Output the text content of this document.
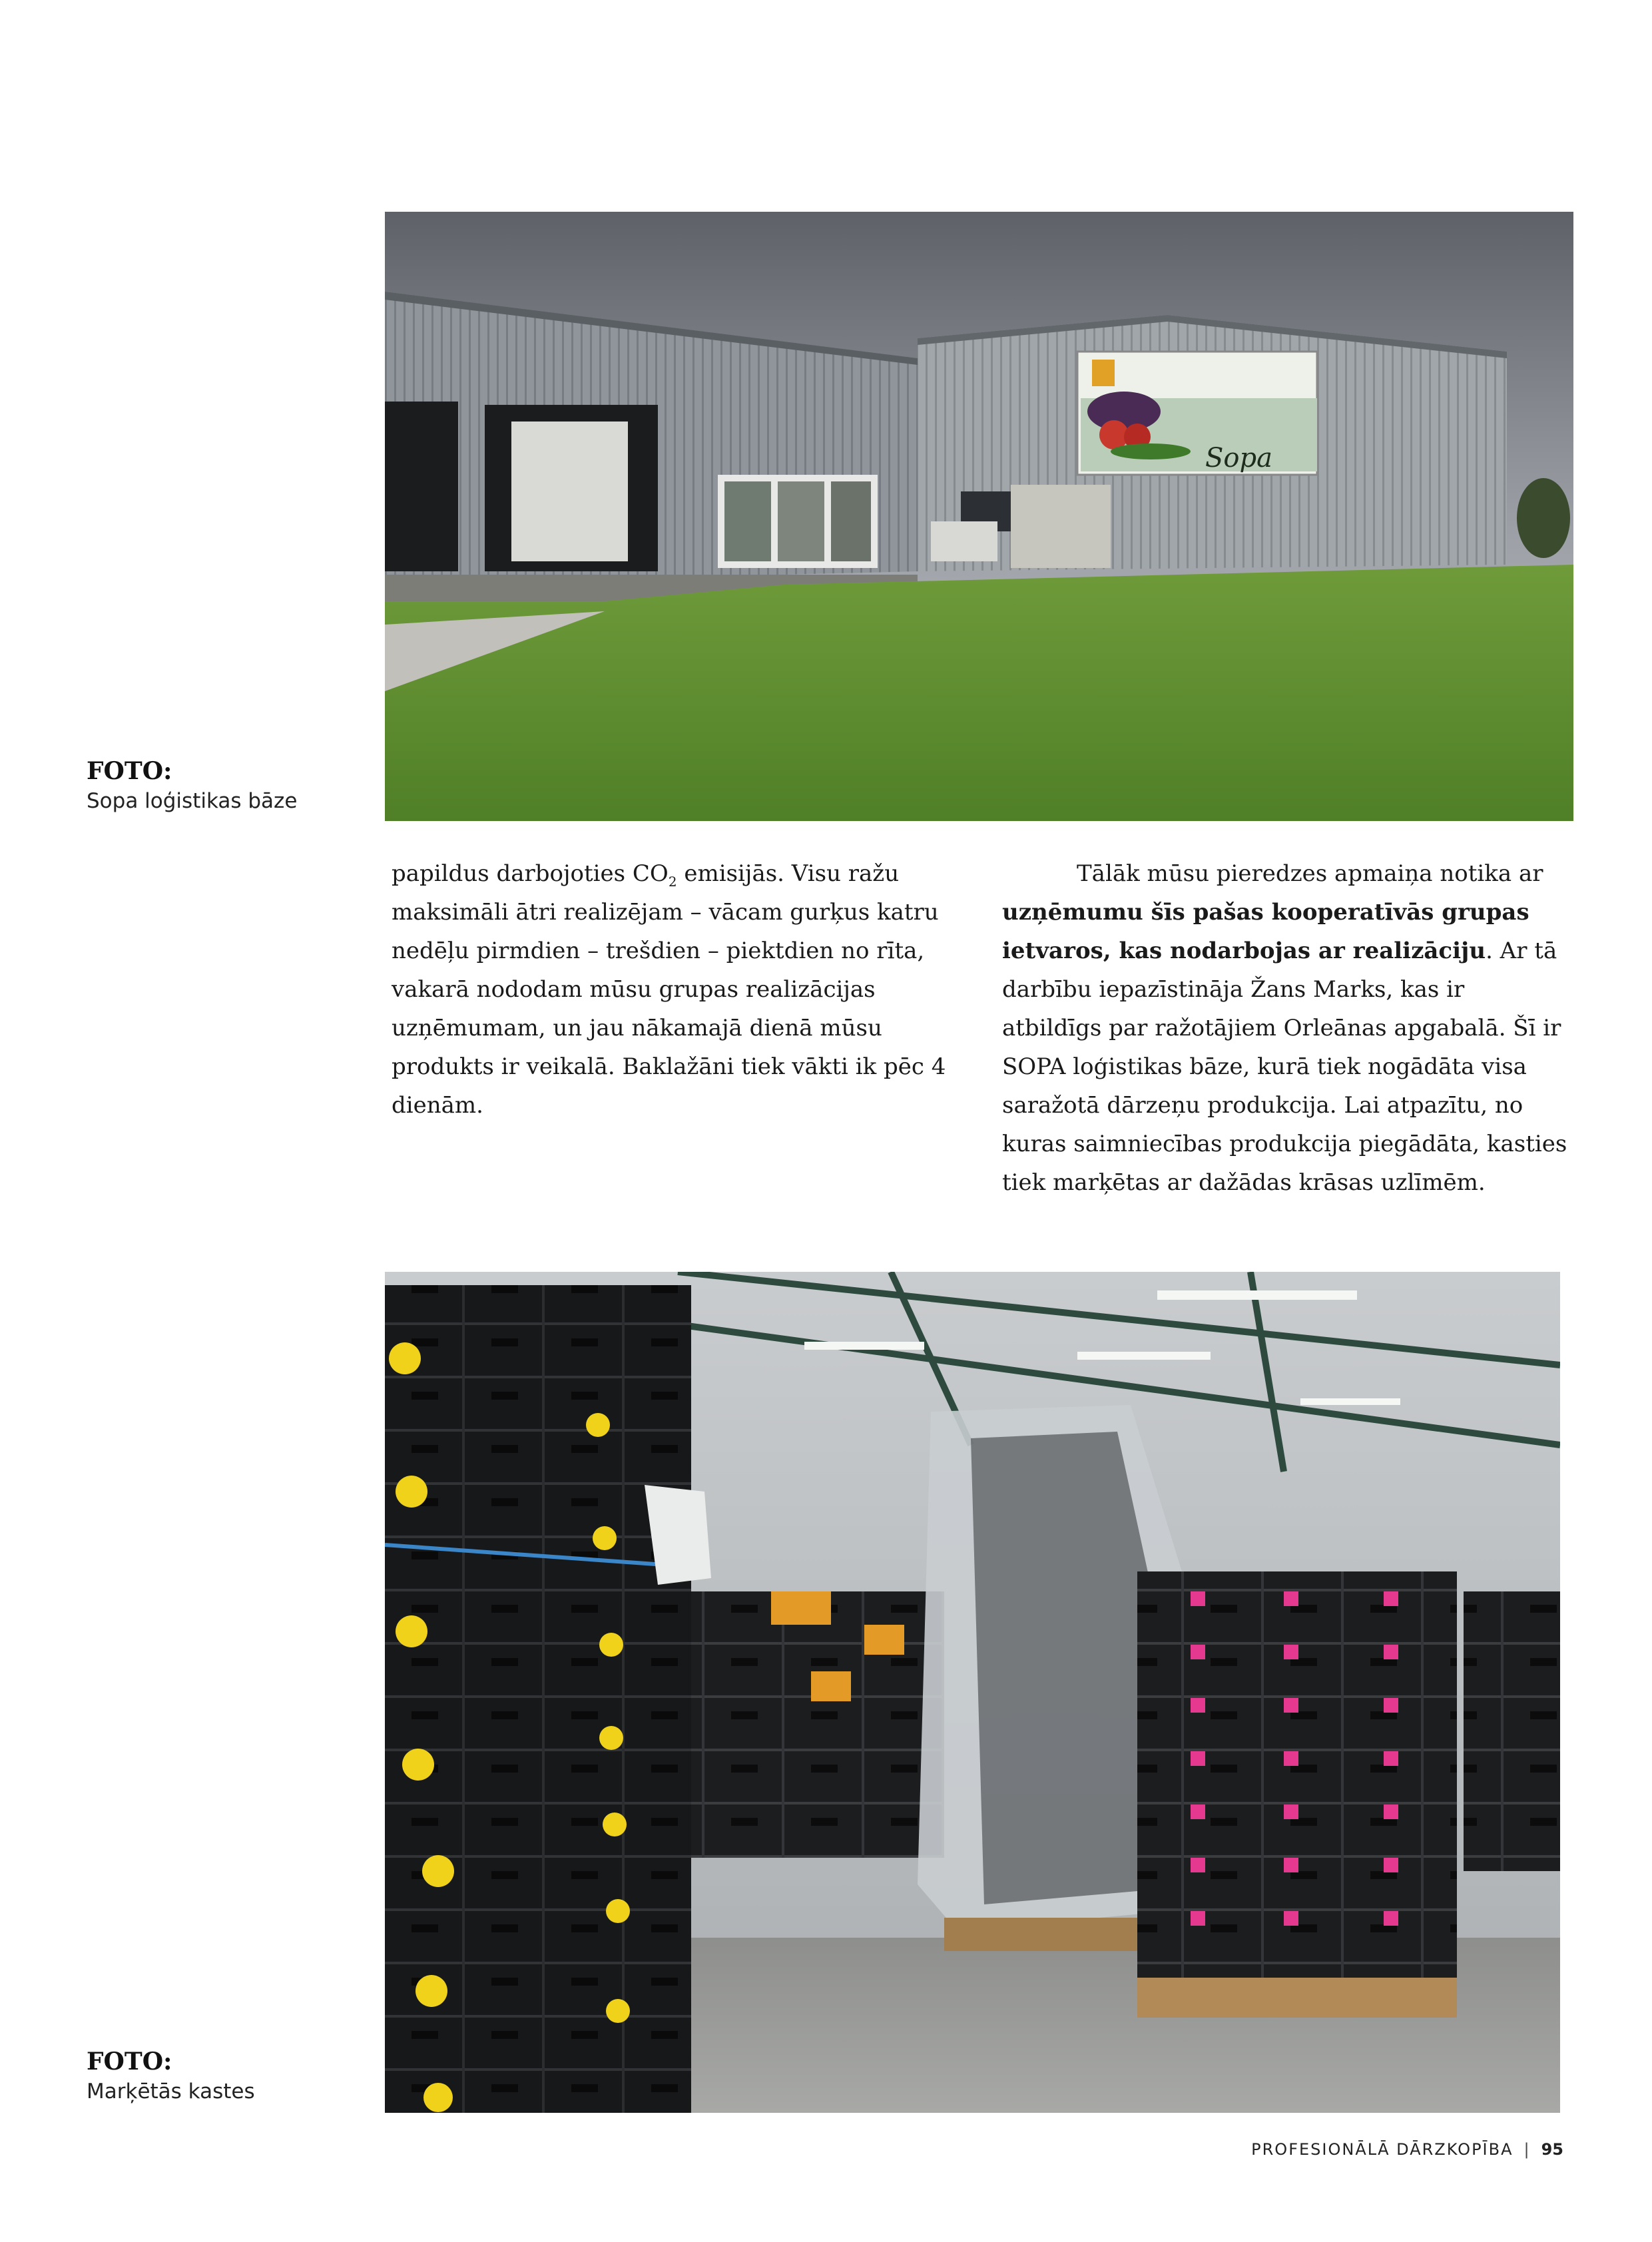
Sopa
FOTO:
Sopa loģistikas bāze

papildus darbojoties $CO_2$ emisijās. Visu ražu maksimāli ātri realizējam – vācam gurķus katru nedēļu pirmdien – trešdien – piektdien no rīta, vakarā nododam mūsu grupas realizācijas uzņēmumam, un jau nākamajā dienā mūsu produkts ir veikalā. Baklažāni tiek vākti ik pēc 4 dienām.

Tālāk mūsu pieredzes apmaiņa notika ar uzņēmumu šīs pašas kooperatīvās grupas ietvaros, kas nodarbojas ar realizāciju. Ar tā darbību iepazīstināja Žans Marks, kas ir atbildīgs par ražotājiem Orleānas apgabalā. Šī ir SOPA loģistikas bāze, kurā tiek nogādāta visa saražotā dārzeņu produkcija. Lai atpazītu, no kuras saimniecības produkcija piegādāta, kasties tiek marķētas ar dažādas krāsas uzlīmēm.

FOTO:
Marķētās kastes
PROFESIONĀLĀ DĀRZKOPĪBA | 95
